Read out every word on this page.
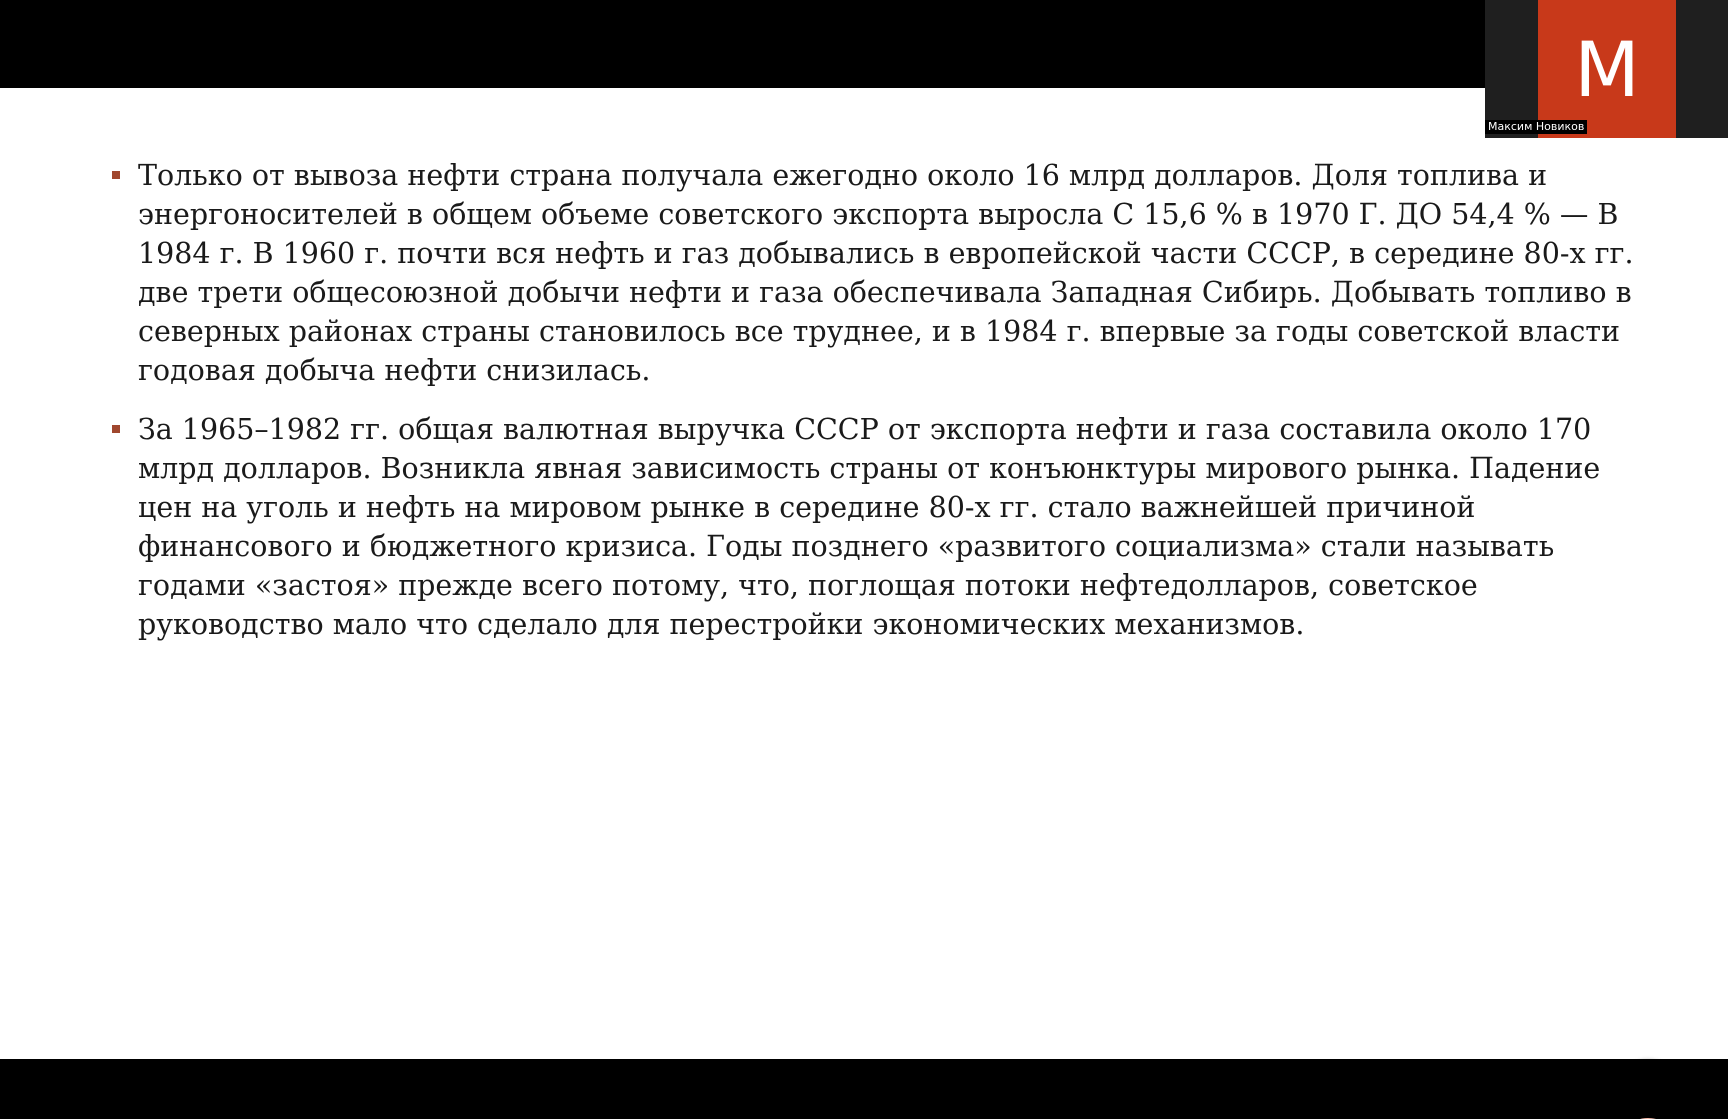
Только от вывоза нефти страна получала ежегодно около 16 млрд долларов. Доля топлива и энергоносителей в общем объеме советского экспорта выросла С 15,6 % в 1970 Г. ДО 54,4 % — В 1984 г. В 1960 г. почти вся нефть и газ добывались в европейской части СССР, в середине 80-х гг. две трети общесоюзной добычи нефти и газа обеспечивала Западная Сибирь. Добывать топливо в северных районах страны становилось все труднее, и в 1984 г. впервые за годы советской власти годовая добыча нефти снизилась.
За 1965–1982 гг. общая валютная выручка СССР от экспорта нефти и газа составила около 170 млрд долларов. Возникла явная зависимость страны от конъюнктуры мирового рынка. Падение цен на уголь и нефть на мировом рынке в середине 80-х гг. стало важнейшей причиной финансового и бюджетного кризиса. Годы позднего «развитого социализма» стали называть годами «застоя» прежде всего потому, что, поглощая потоки нефтедолларов, советское руководство мало что сделало для перестройки экономических механизмов.
М
Максим Новиков
